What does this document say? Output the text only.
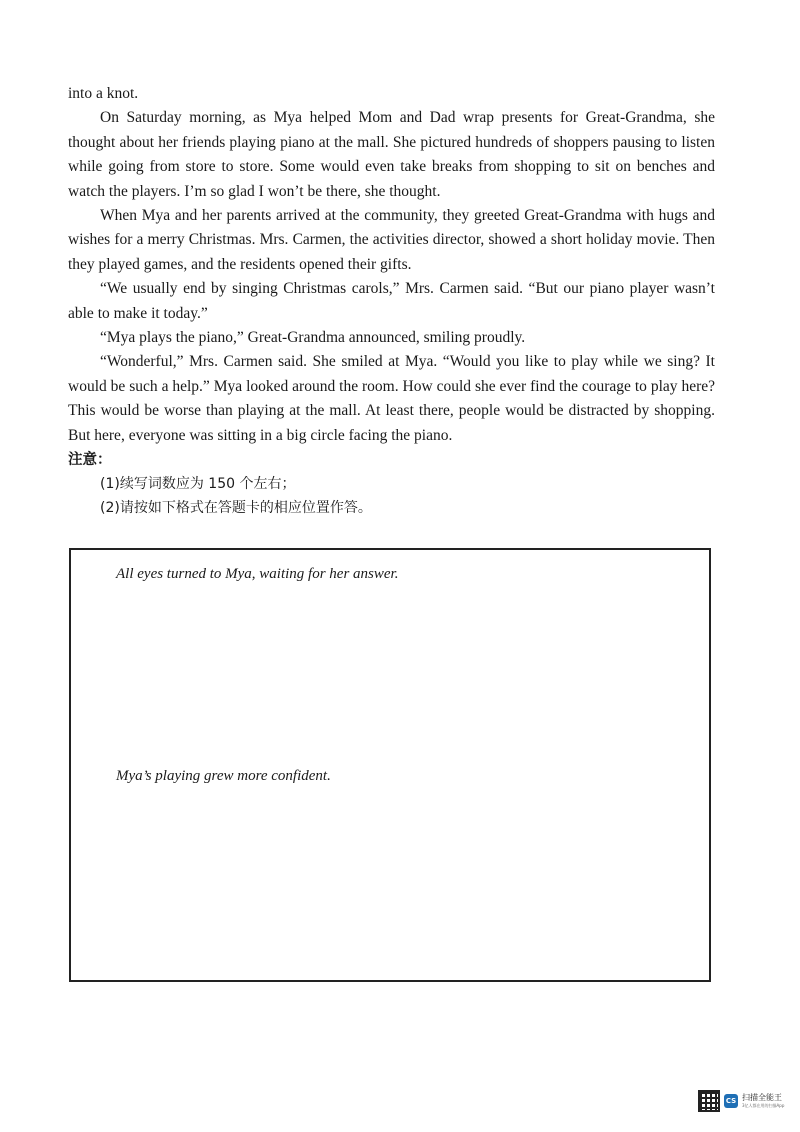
into a knot.

On Saturday morning, as Mya helped Mom and Dad wrap presents for Great-Grandma, she thought about her friends playing piano at the mall. She pictured hundreds of shoppers pausing to listen while going from store to store. Some would even take breaks from shopping to sit on benches and watch the players. I’m so glad I won’t be there, she thought.

When Mya and her parents arrived at the community, they greeted Great-Grandma with hugs and wishes for a merry Christmas. Mrs. Carmen, the activities director, showed a short holiday movie. Then they played games, and the residents opened their gifts.

“We usually end by singing Christmas carols,” Mrs. Carmen said. “But our piano player wasn’t able to make it today.”

“Mya plays the piano,” Great-Grandma announced, smiling proudly.

“Wonderful,” Mrs. Carmen said. She smiled at Mya. “Would you like to play while we sing? It would be such a help.” Mya looked around the room. How could she ever find the courage to play here? This would be worse than playing at the mall. At least there, people would be distracted by shopping. But here, everyone was sitting in a big circle facing the piano.

注意：

(1)续写词数应为 150 个左右；

(2)请按如下格式在答题卡的相应位置作答。

All eyes turned to Mya, waiting for her answer.
Mya’s playing grew more confident.
CS 扫描全能王
3亿人都在用的扫描App
